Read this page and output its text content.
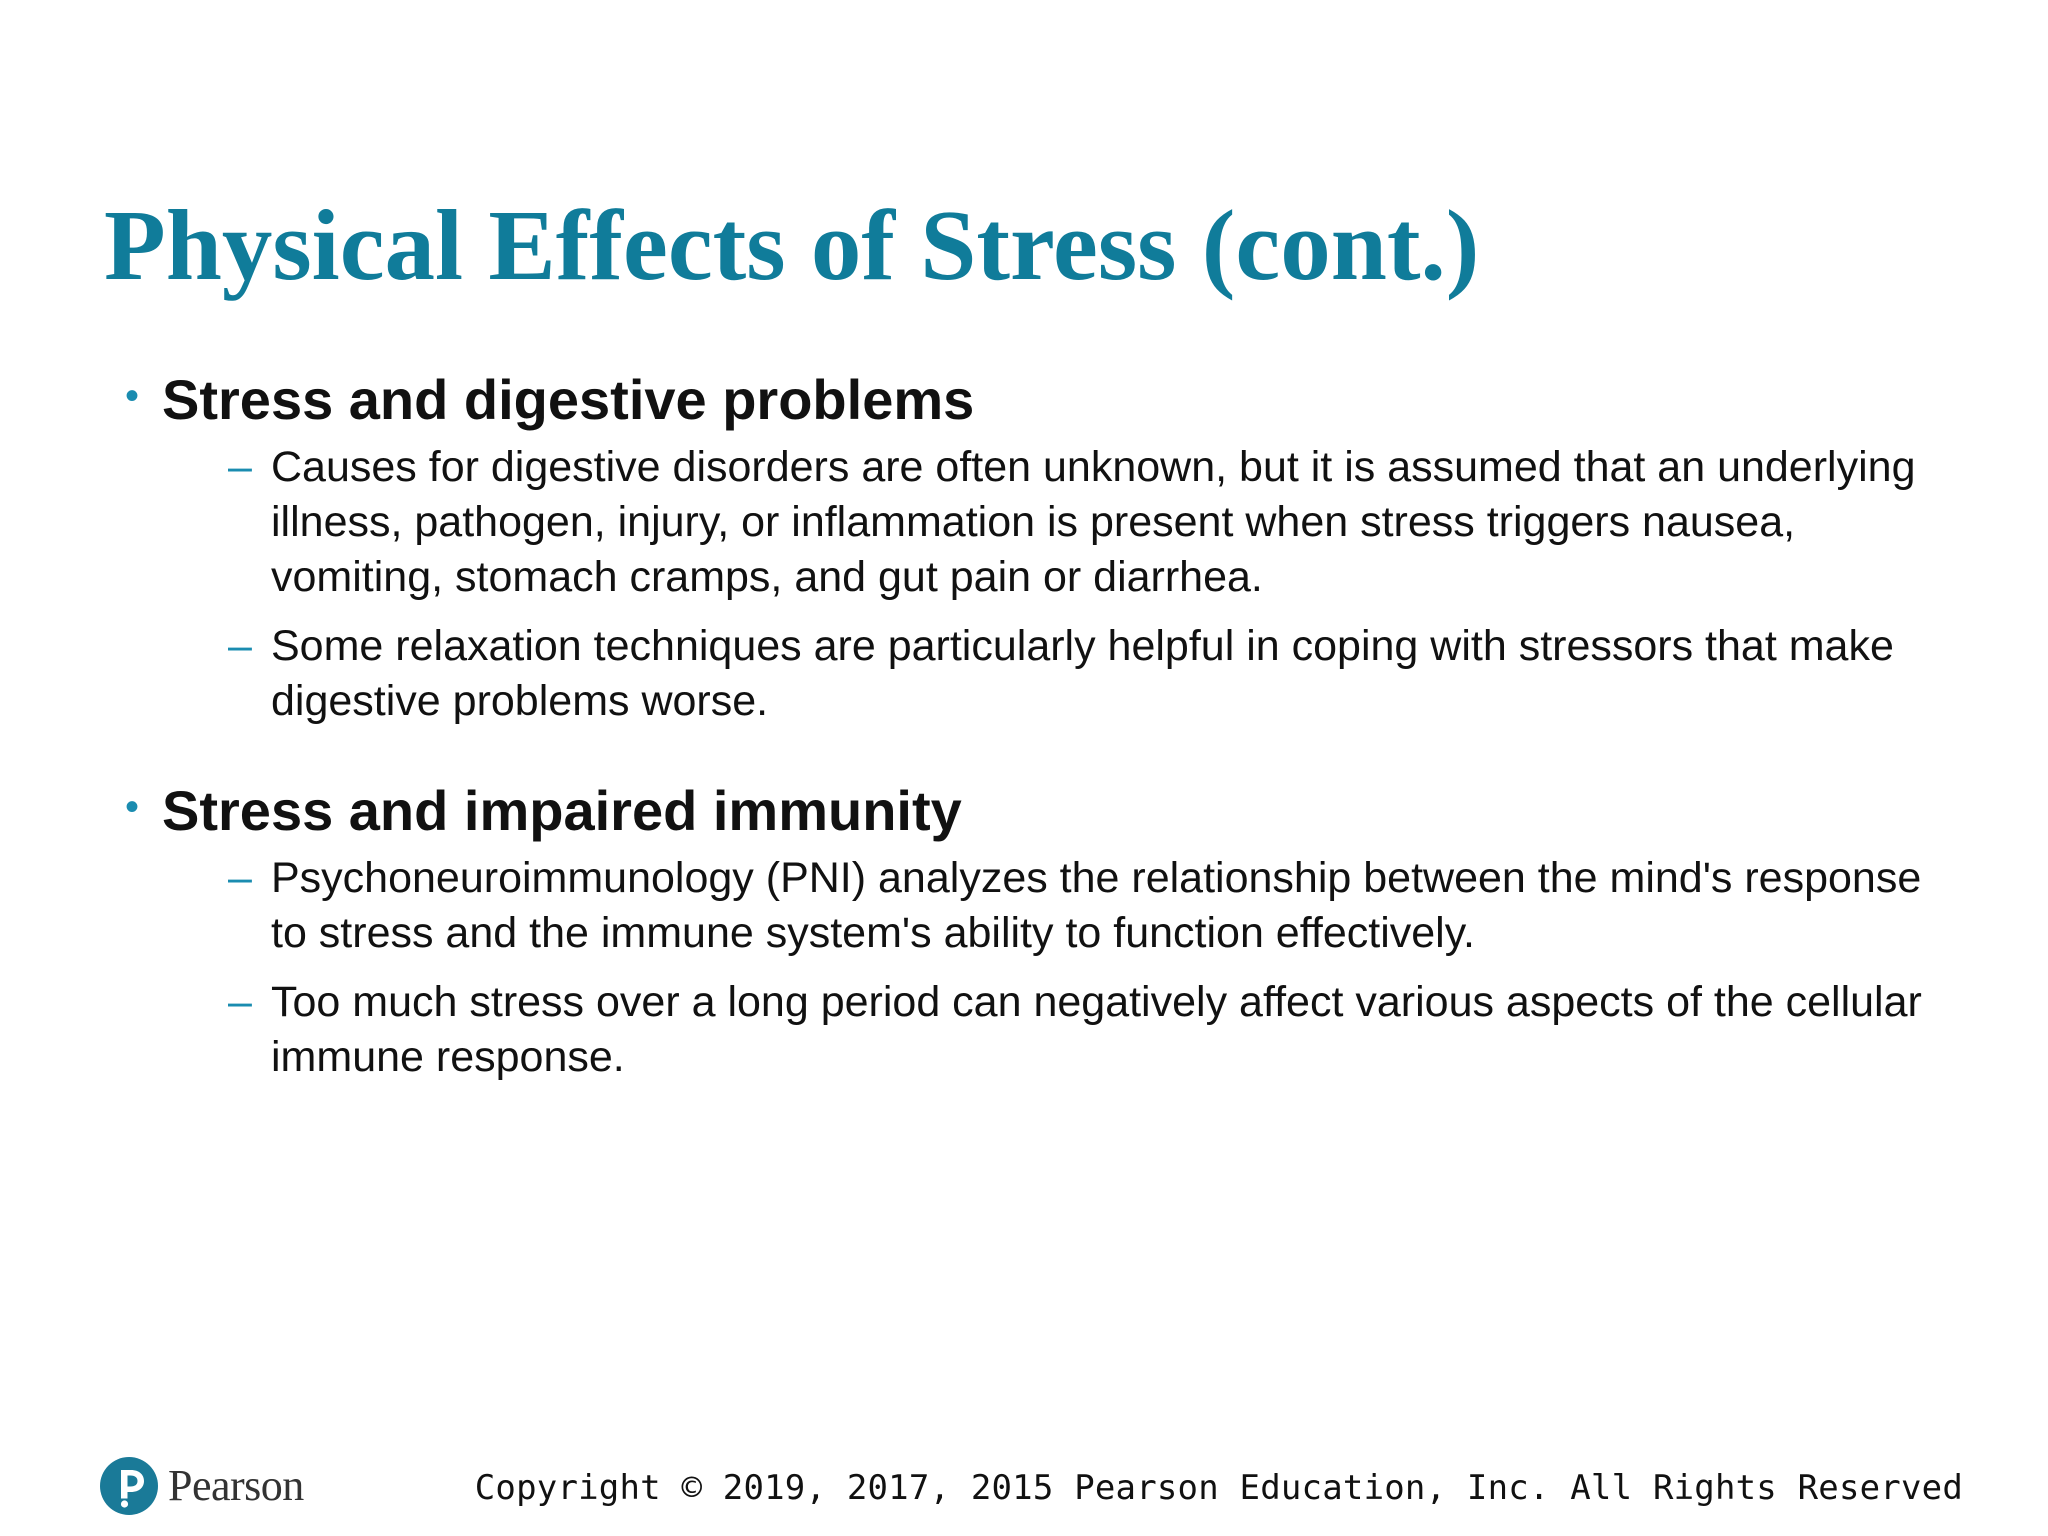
Physical Effects of Stress (cont.)
• Stress and digestive problems
– Causes for digestive disorders are often unknown, but it is assumed that an underlying illness, pathogen, injury, or inflammation is present when stress triggers nausea, vomiting, stomach cramps, and gut pain or diarrhea.
– Some relaxation techniques are particularly helpful in coping with stressors that make digestive problems worse.
• Stress and impaired immunity
– Psychoneuroimmunology (PNI) analyzes the relationship between the mind's response to stress and the immune system's ability to function effectively.
– Too much stress over a long period can negatively affect various aspects of the cellular immune response.
Pearson	Copyright © 2019, 2017, 2015 Pearson Education, Inc. All Rights Reserved
